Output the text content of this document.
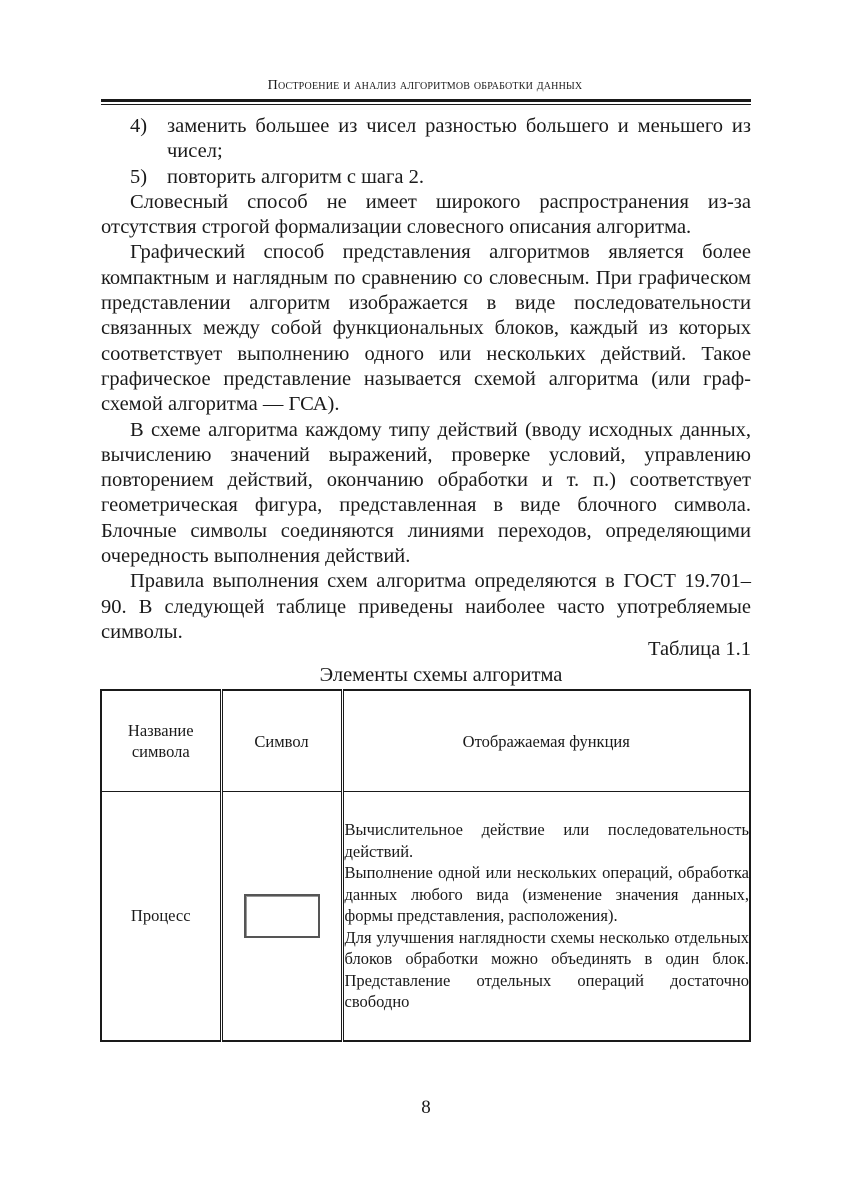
Построение и анализ алгоритмов обработки данных
4) заменить большее из чисел разностью большего и меньшего из чисел;
5) повторить алгоритм с шага 2.

Словесный способ не имеет широкого распространения из-за отсутствия строгой формализации словесного описания алгоритма.

Графический способ представления алгоритмов является более компактным и наглядным по сравнению со словесным. При графическом представлении алгоритм изображается в виде последовательности связанных между собой функциональных блоков, каждый из которых соответствует выполнению одного или нескольких действий. Такое графическое представление называется схемой алгоритма (или граф-схемой алгоритма — ГСА).

В схеме алгоритма каждому типу действий (вводу исходных данных, вычислению значений выражений, проверке условий, управлению повторением действий, окончанию обработки и т. п.) соответствует геометрическая фигура, представленная в виде блочного символа. Блочные символы соединяются линиями переходов, определяющими очередность выполнения действий.

Правила выполнения схем алгоритма определяются в ГОСТ 19.701–90. В следующей таблице приведены наиболее часто употребляемые символы.

Таблица 1.1
Элементы схемы алгоритма
Название символа	Символ	Отображаемая функция
Процесс		Вычислительное действие или последовательность действий.

Выполнение одной или нескольких операций, обработка данных любого вида (изменение значения данных, формы представления, расположения).

Для улучшения наглядности схемы несколько отдельных блоков обработки можно объединять в один блок. Представление отдельных операций достаточно свободно

8
